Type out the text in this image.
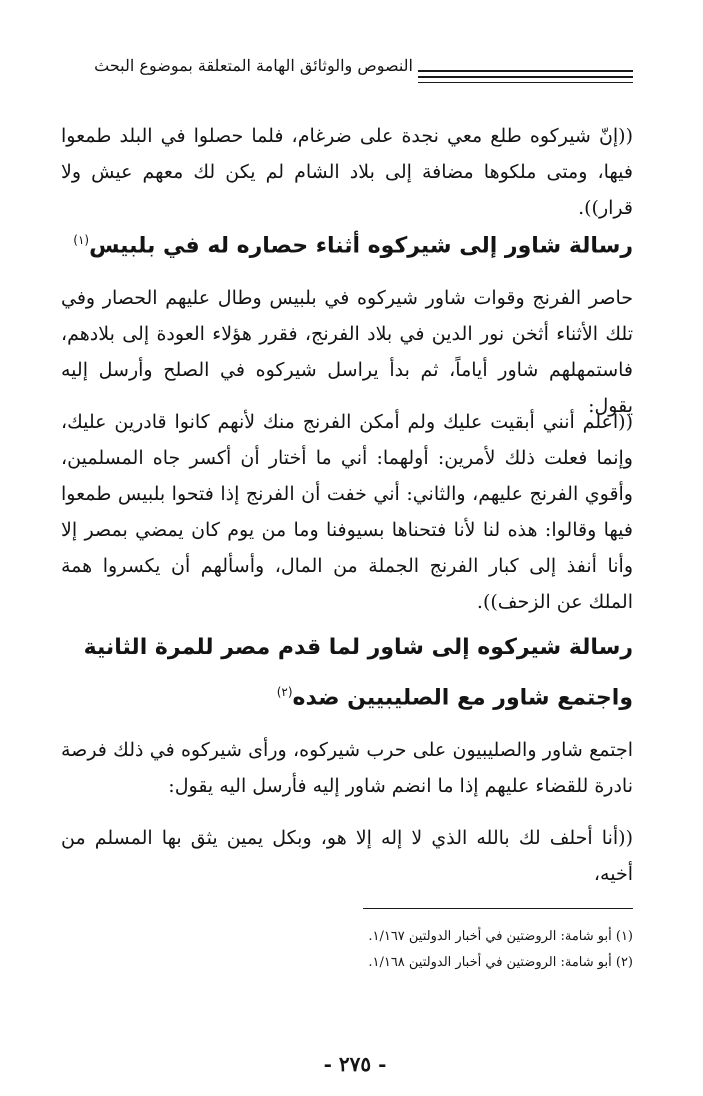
النصوص والوثائق الهامة المتعلقة بموضوع البحث
((إنّ شيركوه طلع معي نجدة على ضرغام، فلما حصلوا في البلد طمعوا فيها، ومتى ملكوها مضافة إلى بلاد الشام لم يكن لك معهم عيش ولا قرار)).
رسالة شاور إلى شيركوه أثناء حصاره له في بلبيس$^{(١)}$
حاصر الفرنج وقوات شاور شيركوه في بلبيس وطال عليهم الحصار وفي تلك الأثناء أثخن نور الدين في بلاد الفرنج، فقرر هؤلاء العودة إلى بلادهم، فاستمهلهم شاور أياماً، ثم بدأ يراسل شيركوه في الصلح وأرسل إليه يقول:
((اعلم أنني أبقيت عليك ولم أمكن الفرنج منك لأنهم كانوا قادرين عليك، وإنما فعلت ذلك لأمرين: أولهما: أني ما أختار أن أكسر جاه المسلمين، وأقوي الفرنج عليهم، والثاني: أني خفت أن الفرنج إذا فتحوا بلبيس طمعوا فيها وقالوا: هذه لنا لأنا فتحناها بسيوفنا وما من يوم كان يمضي بمصر إلا وأنا أنفذ إلى كبار الفرنج الجملة من المال، وأسألهم أن يكسروا همة الملك عن الزحف)).
رسالة شيركوه إلى شاور لما قدم مصر للمرة الثانية واجتمع شاور مع الصليبيين ضده$^{(٢)}$
اجتمع شاور والصليبيون على حرب شيركوه، ورأى شيركوه في ذلك فرصة نادرة للقضاء عليهم إذا ما انضم شاور إليه فأرسل اليه يقول:
((أنا أحلف لك بالله الذي لا إله إلا هو، وبكل يمين يثق بها المسلم من أخيه،
(١) أبو شامة: الروضتين في أخبار الدولتين ١/١٦٧.
(٢) أبو شامة: الروضتين في أخبار الدولتين ١/١٦٨.
- ٢٧٥ -
